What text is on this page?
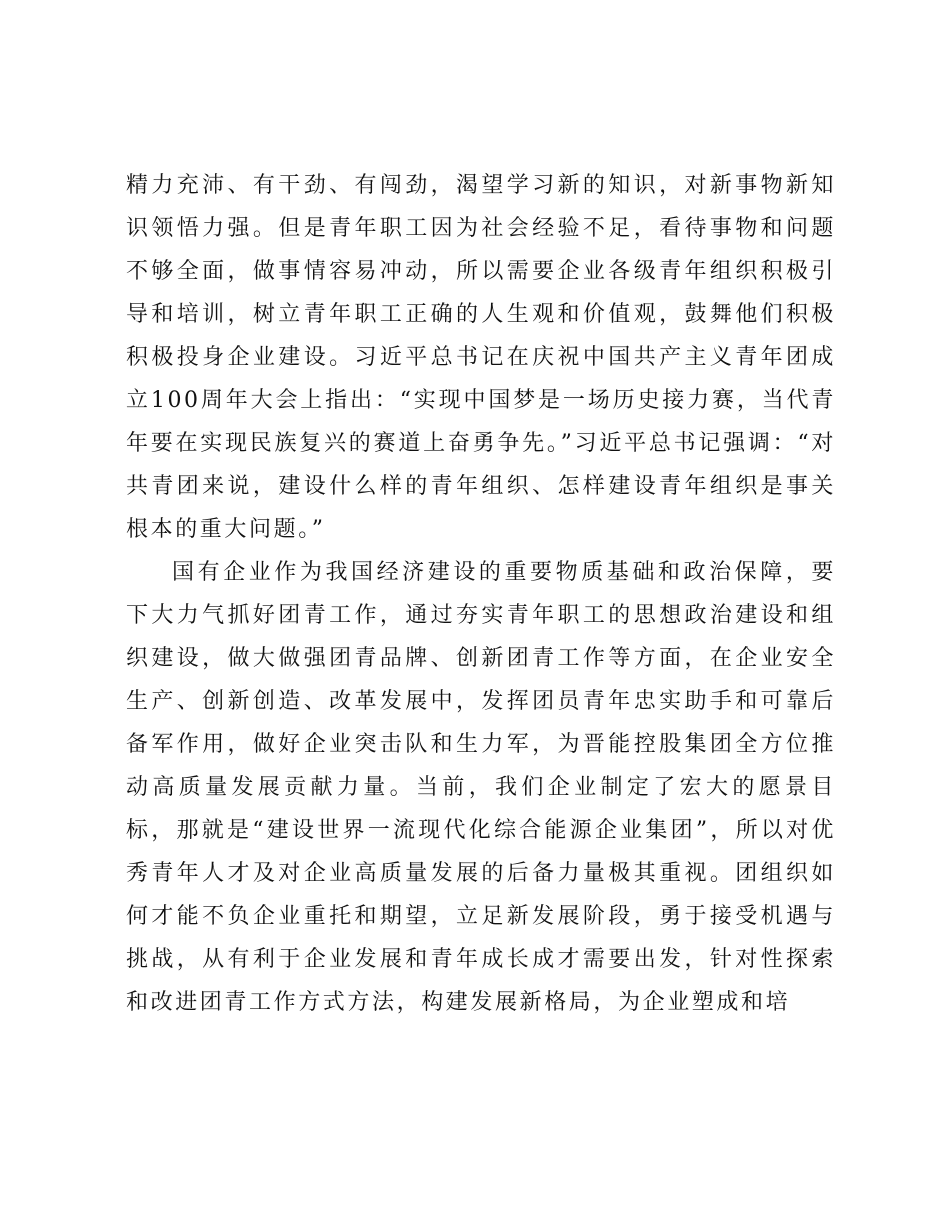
精力充沛、有干劲、有闯劲，渴望学习新的知识，对新事物新知识领悟力强。但是青年职工因为社会经验不足，看待事物和问题不够全面，做事情容易冲动，所以需要企业各级青年组织积极引导和培训，树立青年职工正确的人生观和价值观，鼓舞他们积极积极投身企业建设。习近平总书记在庆祝中国共产主义青年团成立100周年大会上指出：“实现中国梦是一场历史接力赛，当代青年要在实现民族复兴的赛道上奋勇争先。”习近平总书记强调：“对共青团来说，建设什么样的青年组织、怎样建设青年组织是事关根本的重大问题。”

国有企业作为我国经济建设的重要物质基础和政治保障，要下大力气抓好团青工作，通过夯实青年职工的思想政治建设和组织建设，做大做强团青品牌、创新团青工作等方面，在企业安全生产、创新创造、改革发展中，发挥团员青年忠实助手和可靠后备军作用，做好企业突击队和生力军，为晋能控股集团全方位推动高质量发展贡献力量。当前，我们企业制定了宏大的愿景目标，那就是“建设世界一流现代化综合能源企业集团”，所以对优秀青年人才及对企业高质量发展的后备力量极其重视。团组织如何才能不负企业重托和期望，立足新发展阶段，勇于接受机遇与挑战，从有利于企业发展和青年成长成才需要出发，针对性探索和改进团青工作方式方法，构建发展新格局，为企业塑成和培
